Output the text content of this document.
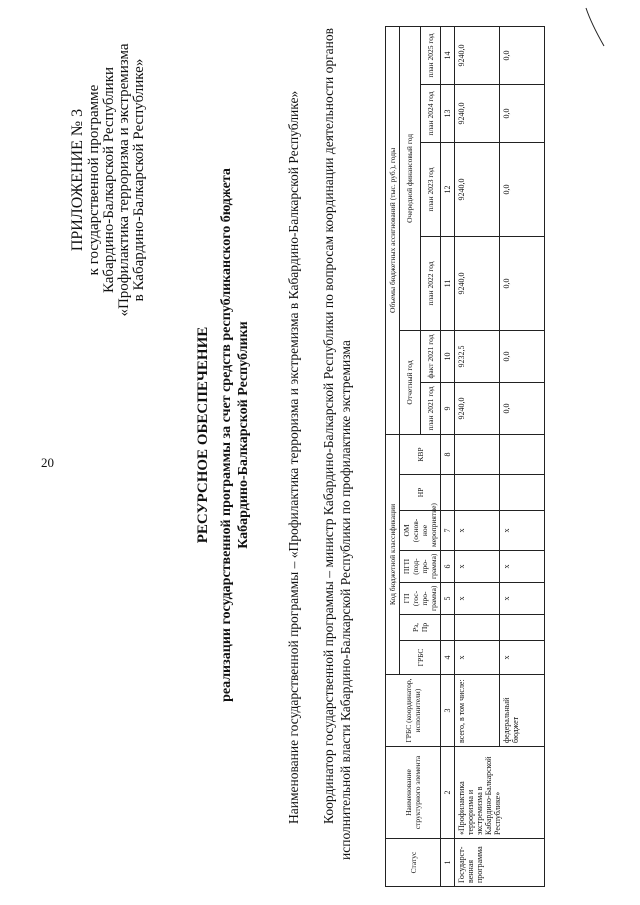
20
ПРИЛОЖЕНИЕ № 3 к государственной программе Кабардино-Балкарской Республики «Профилактика терроризма и экстремизма в Кабардино-Балкарской Республике»
РЕСУРСНОЕ ОБЕСПЕЧЕНИЕ реализации государственной программы за счет средств республиканского бюджета Кабардино-Балкарской Республики	Наименование государственной программы – «Профилактика терроризма и экстремизма в Кабардино-Балкарской Республике» Координатор государственной программы – министр Кабардино-Балкарской Республики по вопросам координации деятельности органов исполнительной власти Кабардино-Балкарской Республики по профилактике экстремизма
Статус	Наименование структурного элемента	ГРБС (координатор, исполнители)	Код бюджетной классификации							Объемы бюджетных ассигнований (тыс. руб.), годы					
			ГРБС	Рз, Пр	ГП (гос-про-грамма)	ПГП (под-про-грамма)	ОМ (основ-ное мероприятие)	НР	КВР	Отчетный год		Очередной финансовый год			
										план 2021 год	факт 2021 год	план 2022 год	план 2023 год	план 2024 год	план 2025 год
1	2	3	4		5	6	7		8	9	10	11	12	13	14
Государст-венная программа	«Профилактика терроризма и экстремизма в Кабардино-Балкарской Республике»	всего, в том числе:	x		x	x	x			9240,0	9232,5	9240,0	9240,0	9240,0	9240,0
		федеральный бюджет	x		x	x	x			0,0	0,0	0,0	0,0	0,0	0,0
